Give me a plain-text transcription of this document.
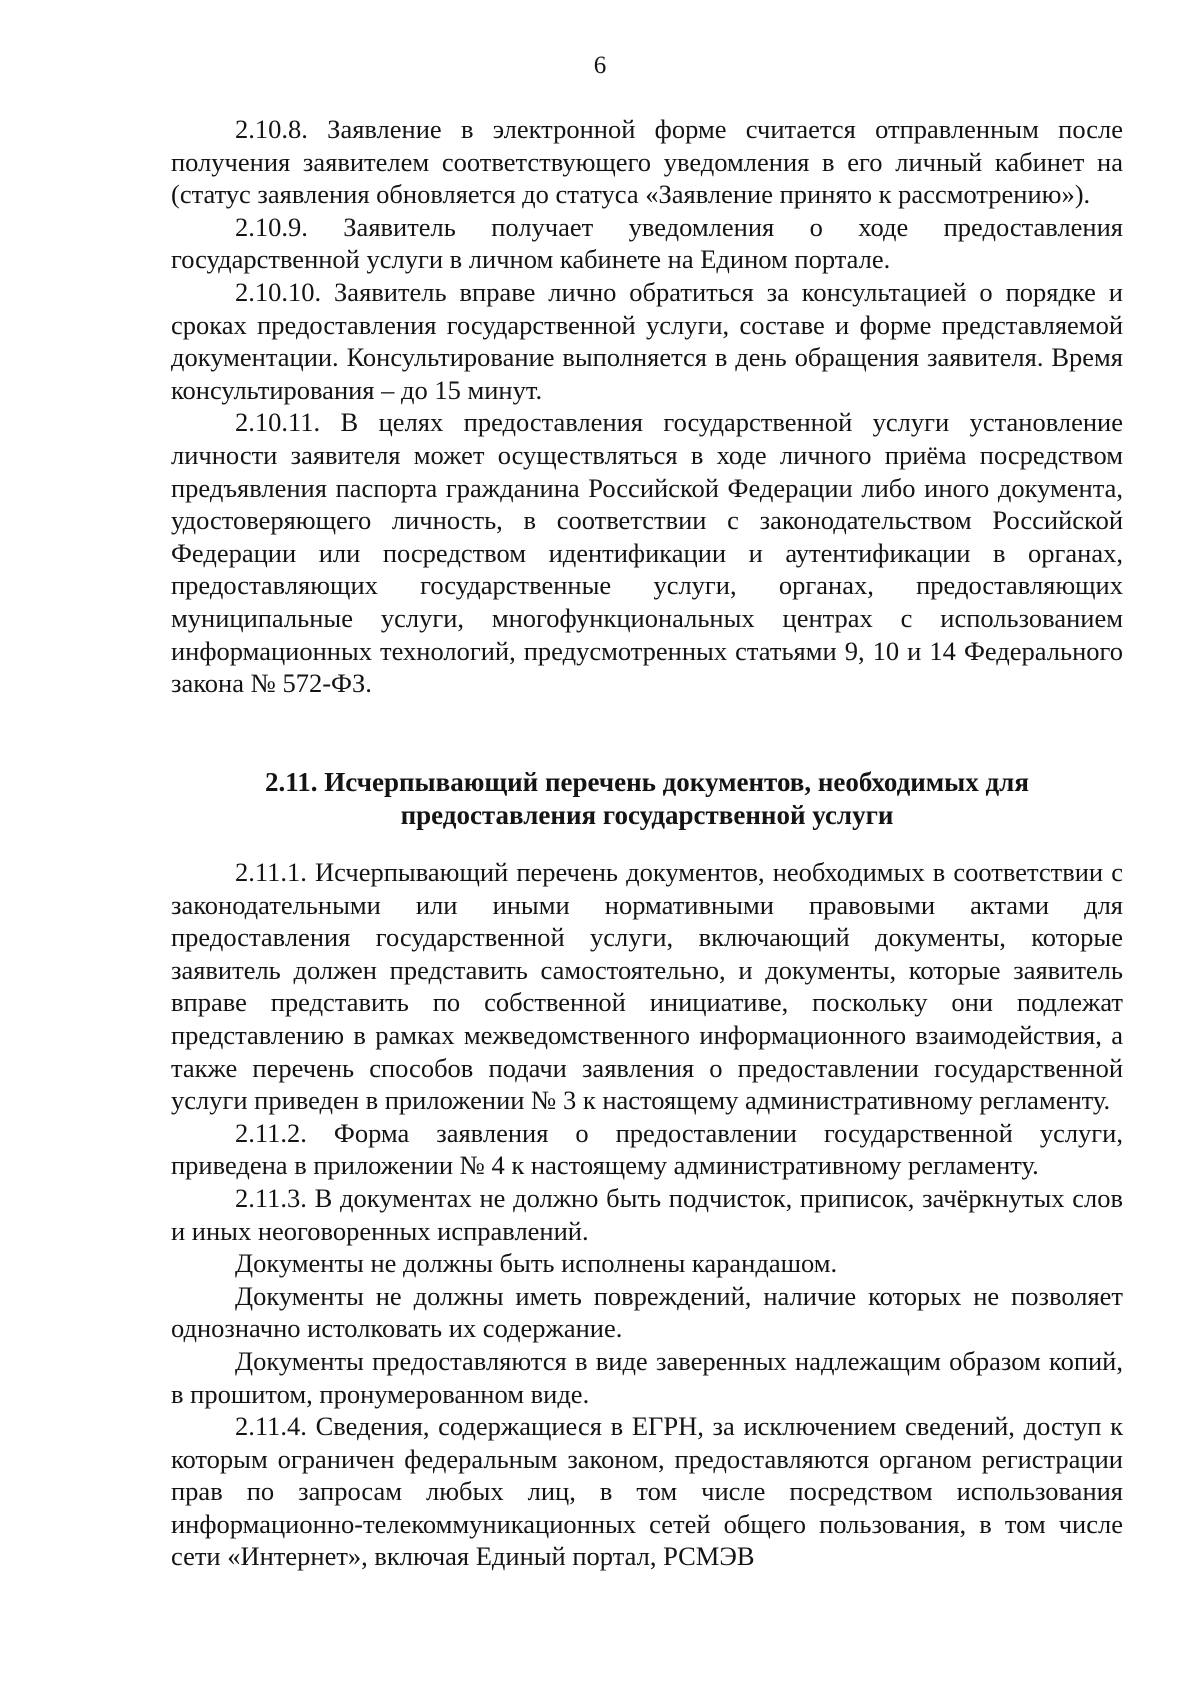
6

2.10.8. Заявление в электронной форме считается отправленным после получения заявителем соответствующего уведомления в его личный кабинет на (статус заявления обновляется до статуса «Заявление принято к рассмотрению»).

2.10.9. Заявитель получает уведомления о ходе предоставления государственной услуги в личном кабинете на Едином портале.

2.10.10. Заявитель вправе лично обратиться за консультацией о порядке и сроках предоставления государственной услуги, составе и форме представляемой документации. Консультирование выполняется в день обращения заявителя. Время консультирования – до 15 минут.

2.10.11. В целях предоставления государственной услуги установление личности заявителя может осуществляться в ходе личного приёма посредством предъявления паспорта гражданина Российской Федерации либо иного документа, удостоверяющего личность, в соответствии с законодательством Российской Федерации или посредством идентификации и аутентификации в органах, предоставляющих государственные услуги, органах, предоставляющих муниципальные услуги, многофункциональных центрах с использованием информационных технологий, предусмотренных статьями 9, 10 и 14 Федерального закона № 572-ФЗ.

2.11. Исчерпывающий перечень документов, необходимых для
предоставления государственной услуги

2.11.1. Исчерпывающий перечень документов, необходимых в соответствии с законодательными или иными нормативными правовыми актами для предоставления государственной услуги, включающий документы, которые заявитель должен представить самостоятельно, и документы, которые заявитель вправе представить по собственной инициативе, поскольку они подлежат представлению в рамках межведомственного информационного взаимодействия, а также перечень способов подачи заявления о предоставлении государственной услуги приведен в приложении № 3 к настоящему административному регламенту.

2.11.2. Форма заявления о предоставлении государственной услуги, приведена в приложении № 4 к настоящему административному регламенту.

2.11.3. В документах не должно быть подчисток, приписок, зачёркнутых слов и иных неоговоренных исправлений.

Документы не должны быть исполнены карандашом.

Документы не должны иметь повреждений, наличие которых не позволяет однозначно истолковать их содержание.

Документы предоставляются в виде заверенных надлежащим образом копий, в прошитом, пронумерованном виде.

2.11.4. Сведения, содержащиеся в ЕГРН, за исключением сведений, доступ к которым ограничен федеральным законом, предоставляются органом регистрации прав по запросам любых лиц, в том числе посредством использования информационно-телекоммуникационных сетей общего пользования, в том числе сети «Интернет», включая Единый портал, РСМЭВ
